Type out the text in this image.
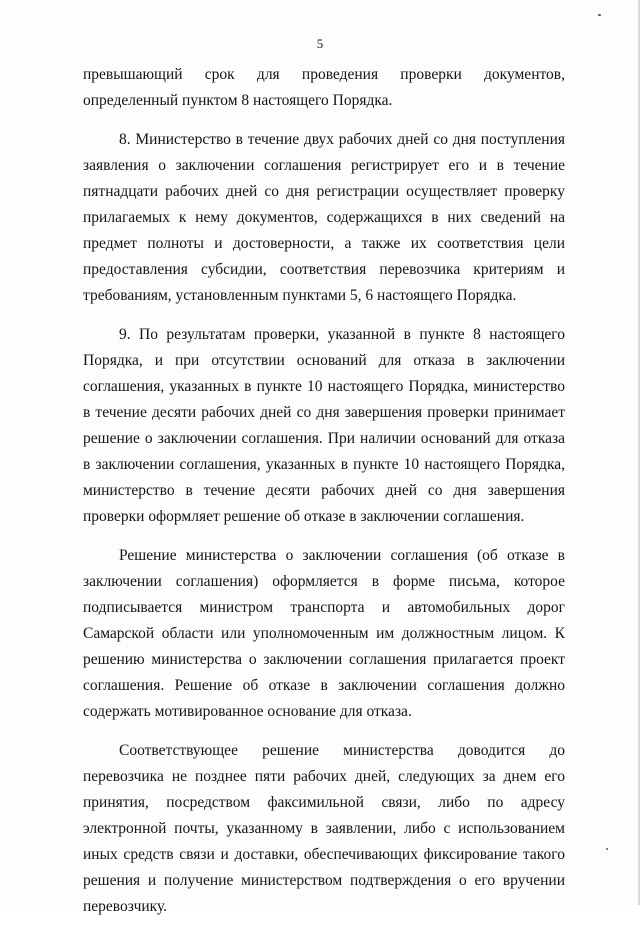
5

превышающий срок для проведения проверки документов, определенный пунктом 8 настоящего Порядка.

8. Министерство в течение двух рабочих дней со дня поступления заявления о заключении соглашения регистрирует его и в течение пятнадцати рабочих дней со дня регистрации осуществляет проверку прилагаемых к нему документов, содержащихся в них сведений на предмет полноты и достоверности, а также их соответствия цели предоставления субсидии, соответствия перевозчика критериям и требованиям, установленным пунктами 5, 6 настоящего Порядка.

9. По результатам проверки, указанной в пункте 8 настоящего Порядка, и при отсутствии оснований для отказа в заключении соглашения, указанных в пункте 10 настоящего Порядка, министерство в течение десяти рабочих дней со дня завершения проверки принимает решение о заключении соглашения. При наличии оснований для отказа в заключении соглашения, указанных в пункте 10 настоящего Порядка, министерство в течение десяти рабочих дней со дня завершения проверки оформляет решение об отказе в заключении соглашения.

Решение министерства о заключении соглашения (об отказе в заключении соглашения) оформляется в форме письма, которое подписывается министром транспорта и автомобильных дорог Самарской области или уполномоченным им должностным лицом. К решению министерства о заключении соглашения прилагается проект соглашения. Решение об отказе в заключении соглашения должно содержать мотивированное основание для отказа.

Соответствующее решение министерства доводится до перевозчика не позднее пяти рабочих дней, следующих за днем его принятия, посредством факсимильной связи, либо по адресу электронной почты, указанному в заявлении, либо с использованием иных средств связи и доставки, обеспечивающих фиксирование такого решения и получение министерством подтверждения о его вручении перевозчику.
